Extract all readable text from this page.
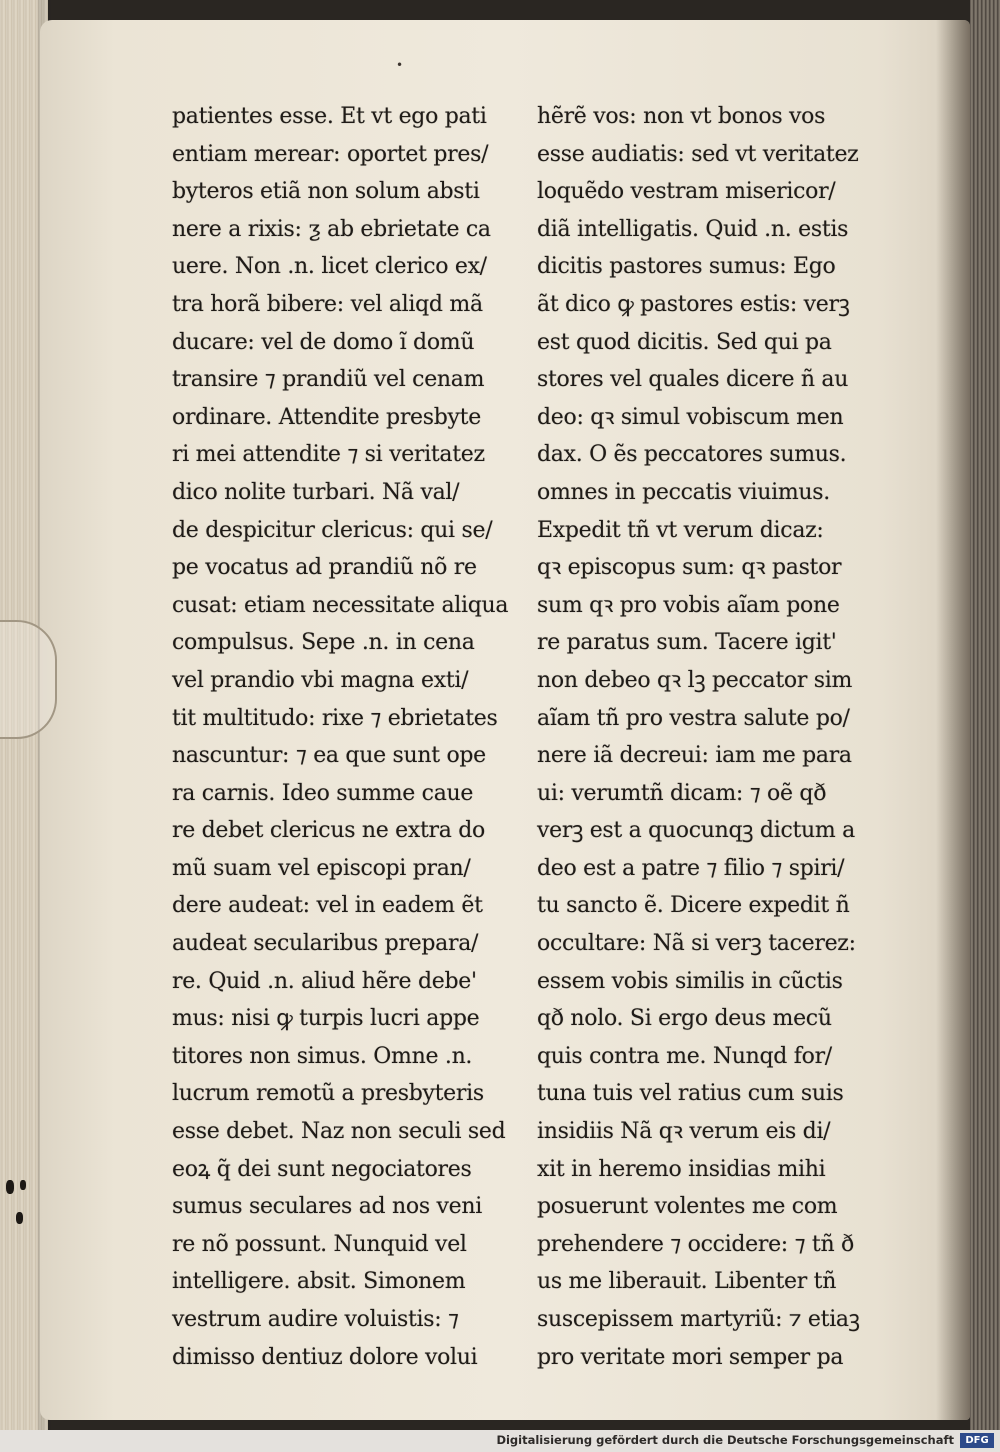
•
patientes esse. Et vt ego pati
entiam merear: oportet pres/
byteros etiã non solum absti
nere a rixis: ƺ ab ebrietate ca
uere. Non .n. licet clerico ex/
tra horã bibere: vel aliqd mã
ducare: vel de domo ĩ domũ
transire ⁊ prandiũ vel cenam
ordinare. Attendite presbyte
ri mei attendite ⁊ si veritatez
dico nolite turbari. Nã val/
de despicitur clericus: qui se/
pe vocatus ad prandiũ nõ re
cusat: etiam necessitate aliqua
compulsus. Sepe .n. in cena
vel prandio vbi magna exti/
tit multitudo: rixe ⁊ ebrietates
nascuntur: ⁊ ea que sunt ope
ra carnis. Ideo summe caue
re debet clericus ne extra do
mũ suam vel episcopi pran/
dere audeat: vel in eadem ẽt
audeat secularibus prepara/
re. Quid .n. aliud hẽre debe'
mus: nisi ꝙ turpis lucri appe
titores non simus. Omne .n.
lucrum remotũ a presbyteris
esse debet. Naz non seculi sed
eoꝝ q̃ dei sunt negociatores
sumus seculares ad nos veni
re nõ possunt. Nunquid vel
intelligere. absit. Simonem
vestrum audire voluistis: ⁊
dimisso dentiuz dolore volui
hẽrẽ vos: non vt bonos vos
esse audiatis: sed vt veritatez
loquẽdo vestram misericor/
diã intelligatis. Quid .n. estis
dicitis pastores sumus: Ego
ãt dico ꝙ pastores estis: verꝫ
est quod dicitis. Sed qui pa
stores vel quales dicere ñ au
deo: qꝛ simul vobiscum men
dax. O ẽs peccatores sumus.
omnes in peccatis viuimus.
Expedit tñ vt verum dicaz:
qꝛ episcopus sum: qꝛ pastor
sum qꝛ pro vobis aĩam pone
re paratus sum. Tacere igit'
non debeo qꝛ lꝫ peccator sim
aĩam tñ pro vestra salute po/
nere iã decreui: iam me para
ui: verumtñ dicam: ⁊ oẽ qð
verꝫ est a quocunqꝫ dictum a
deo est a patre ⁊ filio ⁊ spiri/
tu sancto ẽ. Dicere expedit ñ
occultare: Nã si verꝫ tacerez:
essem vobis similis in cũctis
qð nolo. Si ergo deus mecũ
quis contra me. Nunqd for/
tuna tuis vel ratius cum suis
insidiis Nã qꝛ verum eis di/
xit in heremo insidias mihi
posuerunt volentes me com
prehendere ⁊ occidere: ⁊ tñ ð
us me liberauit. Libenter tñ
suscepissem martyriũ: ⁊ etiaꝫ
pro veritate mori semper pa
Digitalisierung gefördert durch die Deutsche Forschungsgemeinschaft	DFG
